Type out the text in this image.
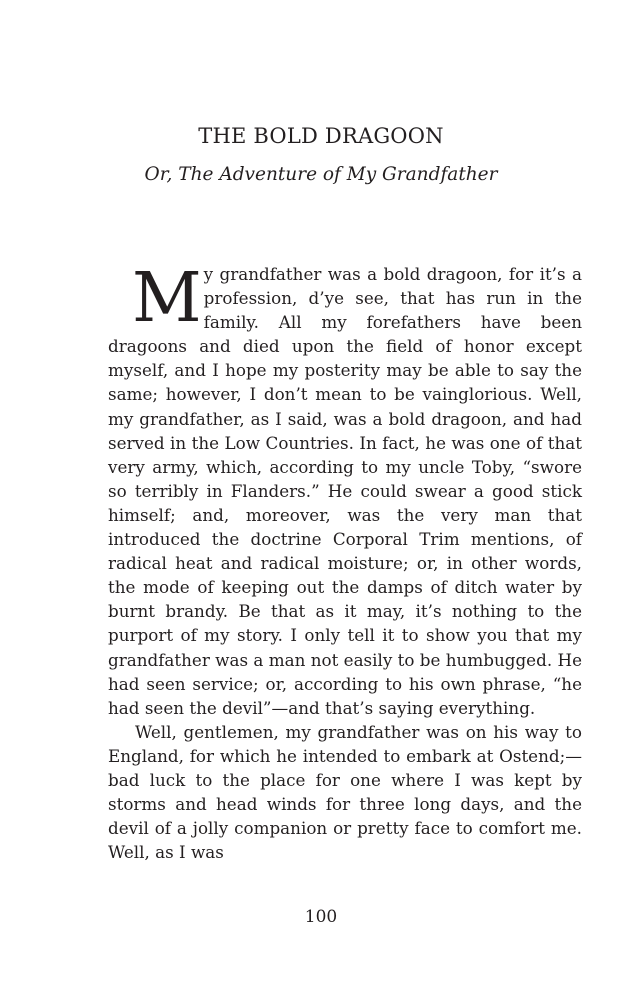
THE BOLD DRAGOON
Or, The Adventure of My Grandfather

My grandfather was a bold dragoon, for it’s a profession, d’ye see, that has run in the family. All my forefathers have been dragoons and died upon the field of honor except myself, and I hope my posterity may be able to say the same; however, I don’t mean to be vainglorious. Well, my grandfather, as I said, was a bold dragoon, and had served in the Low Countries. In fact, he was one of that very army, which, according to my uncle Toby, “swore so terribly in Flanders.” He could swear a good stick himself; and, moreover, was the very man that introduced the doctrine Corporal Trim mentions, of radical heat and radical moisture; or, in other words, the mode of keeping out the damps of ditch water by burnt brandy. Be that as it may, it’s nothing to the purport of my story. I only tell it to show you that my grandfather was a man not easily to be humbugged. He had seen service; or, according to his own phrase, “he had seen the devil”—and that’s saying everything.

Well, gentlemen, my grandfather was on his way to England, for which he intended to embark at Ostend;—bad luck to the place for one where I was kept by storms and head winds for three long days, and the devil of a jolly companion or pretty face to comfort me. Well, as I was

100
